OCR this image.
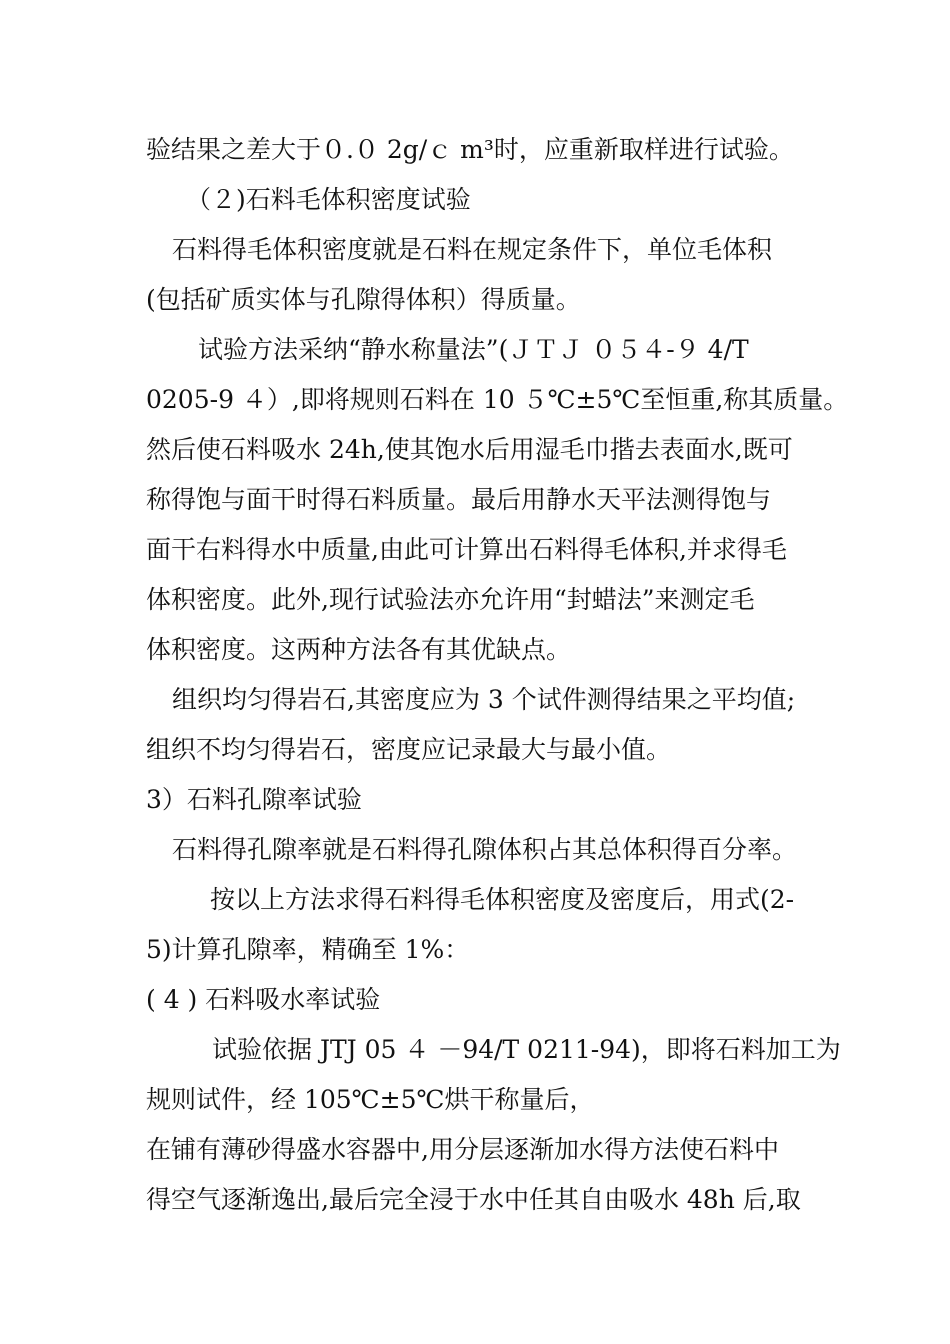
验结果之差大于０.０ 2g/ｃ m³时，应重新取样进行试验。
（２)石料毛体积密度试验
石料得毛体积密度就是石料在规定条件下，单位毛体积
(包括矿质实体与孔隙得体积）得质量。
试验方法采纳“静水称量法”(ＪＴＪ ０５４-９ 4/T
0205-9 ４）,即将规则石料在 10 ５℃±5℃至恒重,称其质量。
然后使石料吸水 24h,使其饱水后用湿毛巾揩去表面水,既可
称得饱与面干时得石料质量。最后用静水天平法测得饱与
面干右料得水中质量,由此可计算出石料得毛体积,并求得毛
体积密度。此外,现行试验法亦允许用“封蜡法”来测定毛
体积密度。这两种方法各有其优缺点。
组织均匀得岩石,其密度应为 3 个试件测得结果之平均值;
组织不均匀得岩石，密度应记录最大与最小值。
3）石料孔隙率试验
石料得孔隙率就是石料得孔隙体积占其总体积得百分率。
按以上方法求得石料得毛体积密度及密度后，用式(2-
5)计算孔隙率，精确至 1%：
( 4 ) 石料吸水率试验
试验依据 JTJ 05 ４ －94/T 0211-94)，即将石料加工为
规则试件，经 105℃±5℃烘干称量后，
在铺有薄砂得盛水容器中,用分层逐渐加水得方法使石料中
得空气逐渐逸出,最后完全浸于水中任其自由吸水 48h 后,取
